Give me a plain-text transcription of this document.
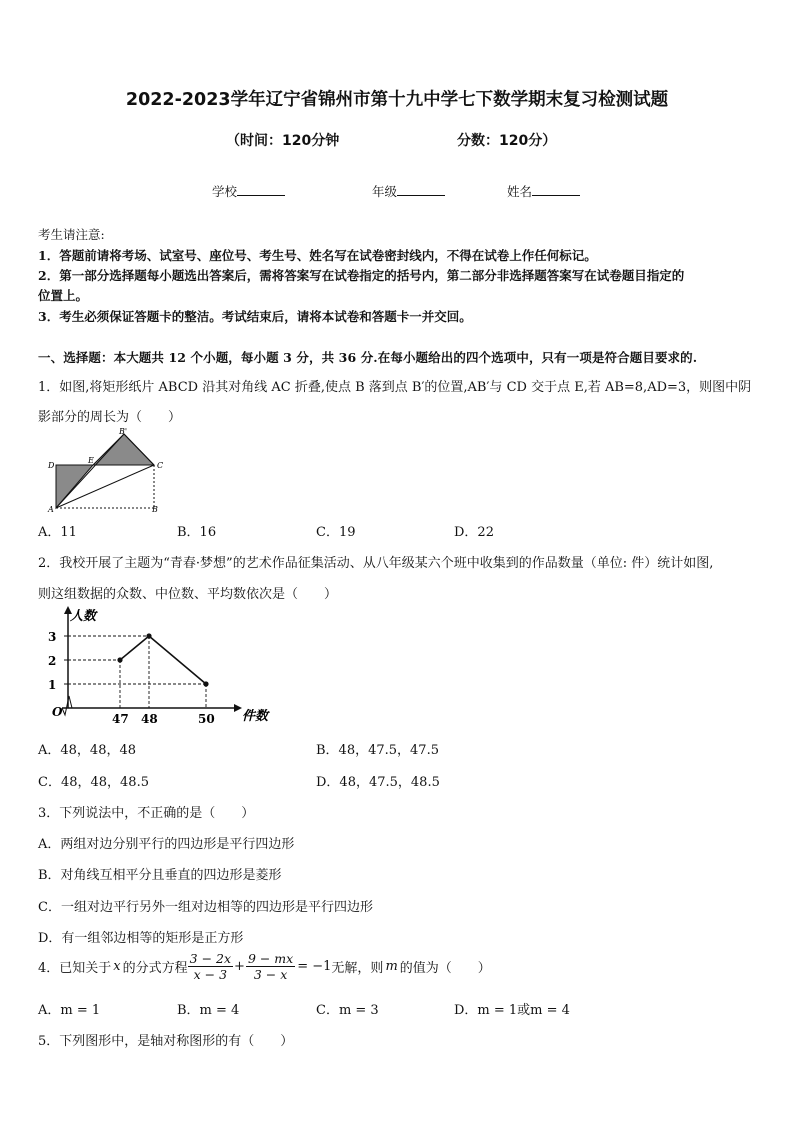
2022-2023学年辽宁省锦州市第十九中学七下数学期末复习检测试题
（时间：120分钟	分数：120分）
学校	年级	姓名
考生请注意:
1．答题前请将考场、试室号、座位号、考生号、姓名写在试卷密封线内，不得在试卷上作任何标记。
2．第一部分选择题每小题选出答案后，需将答案写在试卷指定的括号内，第二部分非选择题答案写在试卷题目指定的
位置上。
3．考生必须保证答题卡的整洁。考试结束后，请将本试卷和答题卡一并交回。
一、选择题：本大题共 12 个小题，每小题 3 分，共 36 分.在每小题给出的四个选项中，只有一项是符合题目要求的.
1．如图,将矩形纸片 ABCD 沿其对角线 AC 折叠,使点 B 落到点 B′的位置,AB′与 CD 交于点 E,若 AB=8,AD=3，则图中阴
影部分的周长为（　　）
B'
D
E
C
A	B
A．11	B．16	C．19	D．22
2．我校开展了主题为“青春·梦想”的艺术作品征集活动、从八年级某六个班中收集到的作品数量（单位: 件）统计如图,
则这组数据的众数、中位数、平均数依次是（　　）
人数
件数
O
1
2
3
47 48	50
A．48，48，48	B．48，47.5，47.5
C．48，48，48.5	D．48，47.5，48.5
3．下列说法中，不正确的是（　　）
A．两组对边分别平行的四边形是平行四边形
B．对角线互相平分且垂直的四边形是菱形
C．一组对边平行另外一组对边相等的四边形是平行四边形
D．有一组邻边相等的矩形是正方形
4．已知关于 x 的分式方程 $\frac{3 - 2x}{x - 3} + \frac{9 - mx}{3 - x} = -1$ 无解，则 m 的值为（　　）
A．m = 1	B．m = 4	C．m = 3	D．m = 1或m = 4
5．下列图形中，是轴对称图形的有（　　）
